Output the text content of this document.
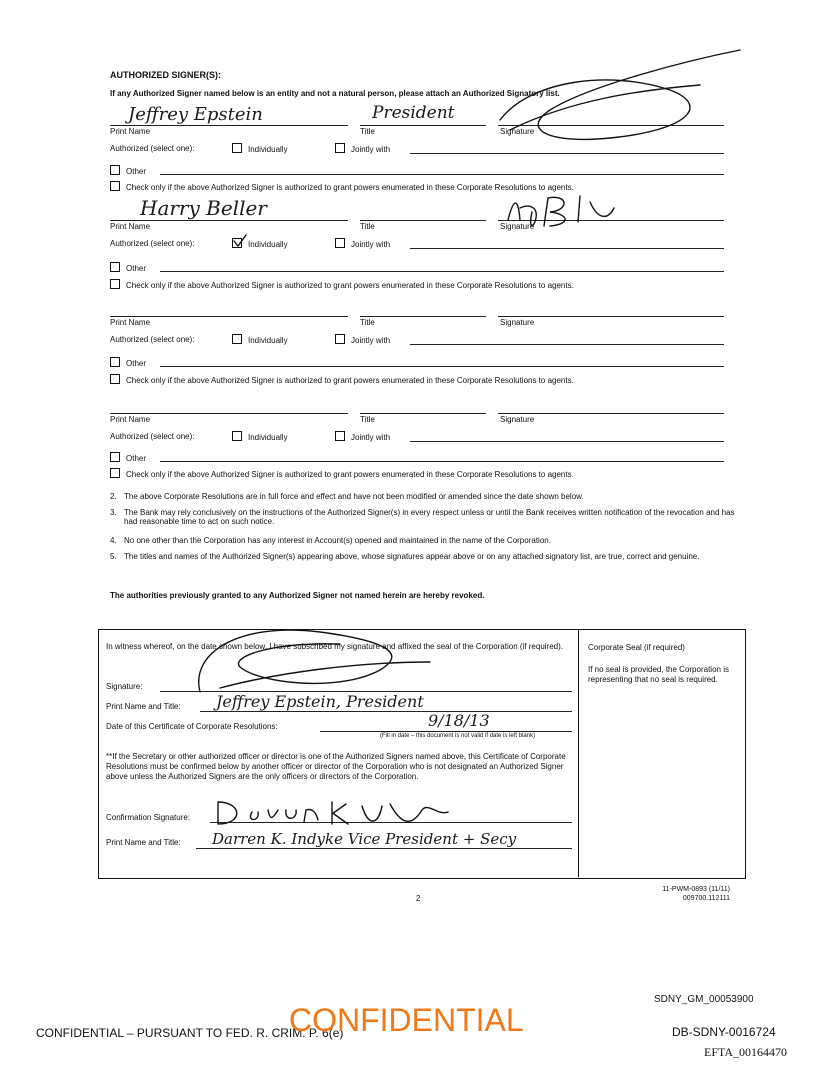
AUTHORIZED SIGNER(S):
If any Authorized Signer named below is an entity and not a natural person, please attach an Authorized Signatory list.
Jeffrey Epstein	President
Print Name	Title	Signature
Authorized (select one):	Individually	Jointly with
Other
Check only if the above Authorized Signer is authorized to grant powers enumerated in these Corporate Resolutions to agents.
Harry Beller
Print Name	Title	Signature
Authorized (select one):	Individually	Jointly with
Other
Check only if the above Authorized Signer is authorized to grant powers enumerated in these Corporate Resolutions to agents.
Print Name	Title	Signature
Authorized (select one):	Individually	Jointly with
Other
Check only if the above Authorized Signer is authorized to grant powers enumerated in these Corporate Resolutions to agents.
Print Name	Title	Signature
Authorized (select one):	Individually	Jointly with
Other
Check only if the above Authorized Signer is authorized to grant powers enumerated in these Corporate Resolutions to agents.
2. The above Corporate Resolutions are in full force and effect and have not been modified or amended since the date shown below.
3. The Bank may rely conclusively on the instructions of the Authorized Signer(s) in every respect unless or until the Bank receives written notification of the revocation and has had reasonable time to act on such notice.
4. No one other than the Corporation has any interest in Account(s) opened and maintained in the name of the Corporation.
5. The titles and names of the Authorized Signer(s) appearing above, whose signatures appear above or on any attached signatory list, are true, correct and genuine.
The authorities previously granted to any Authorized Signer not named herein are hereby revoked.
In witness whereof, on the date shown below, I have subscribed my signature and affixed the seal of the Corporation (if required).
Signature:
Print Name and Title: Jeffrey Epstein, President
Date of this Certificate of Corporate Resolutions:	9/18/13
(Fill in date – this document is not valid if date is left blank)
**If the Secretary or other authorized officer or director is one of the Authorized Signers named above, this Certificate of Corporate Resolutions must be confirmed below by another officer or director of the Corporation who is not designated an Authorized Signer above unless the Authorized Signers are the only officers or directors of the Corporation.
Confirmation Signature:
Print Name and Title: Darren K. Indyke Vice President + Secy
Corporate Seal (if required)
If no seal is provided, the Corporation is representing that no seal is required.
2
11-PWM-0893 (11/11)
009700.112111
SDNY_GM_00053900
CONFIDENTIAL – PURSUANT TO FED. R. CRIM. P. 6(e)
CONFIDENTIAL	DB-SDNY-0016724
EFTA_00164470
